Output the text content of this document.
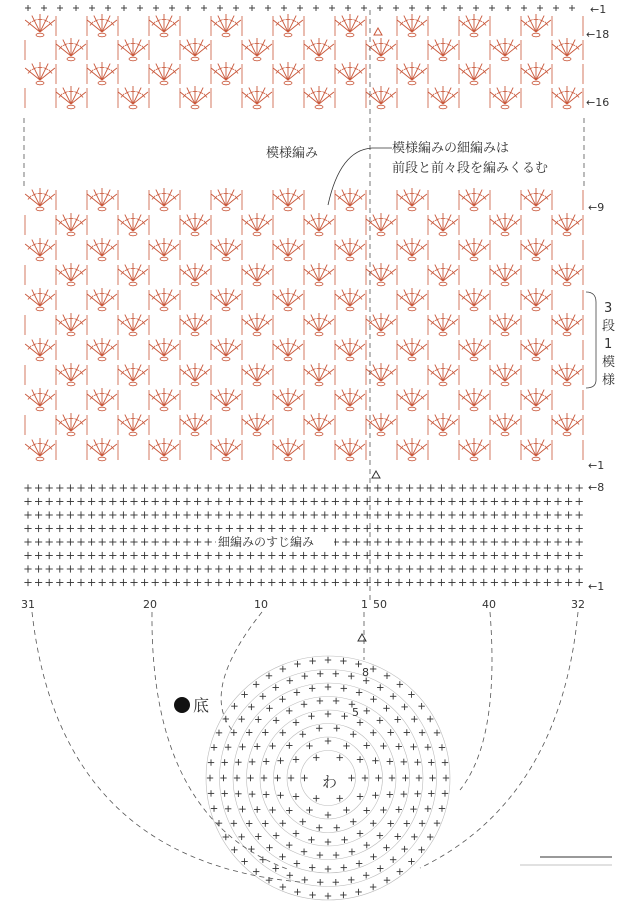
模様編み	模様編みの細編みは
前段と前々段を編みくるむ
3
段
1
模
様
←1
←18
←16
←9
←1
←8
←1
細編みのすじ編み
31	20	10	1 50	40	32
底
わ
8
5
